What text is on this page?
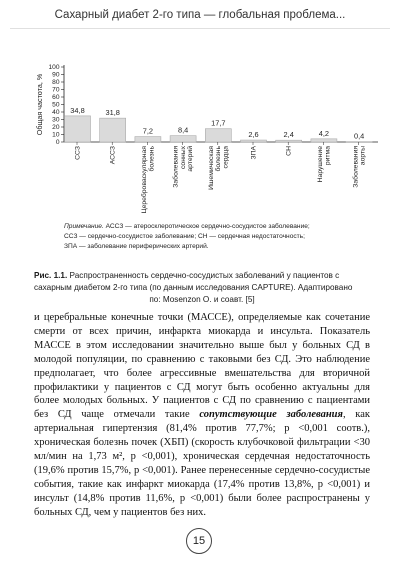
Сахарный диабет 2-го типа — глобальная проблема...
0
10
20
30
40
50
60
70
80
90
100
Общая частота, %	34,8
ССЗ
31,8
АССЗ
7,2
Цереброваскулярная болезнь
8,4
Заболевания сонных артерий
17,7
Ишемическая болезнь сердца
2,6
ЗПА
2,4
СН
4,2
Нарушение ритма
0,4
Заболевания аорты

Примечание. АССЗ — атеросклеротическое сердечно-сосудистое заболевание;

ССЗ — сердечно-сосудистое заболевание; СН — сердечная недостаточность;

ЗПА — заболевание периферических артерий.

Рис. 1.1. Распространенность сердечно-сосудистых заболеваний у пациентов с сахарным диабетом 2-го типа (по данным исследования CAPTURE). Адаптировано

по: Mosenzon O. и соавт. [5]

и церебральные конечные точки (МАССЕ), определяемые как сочетание смерти от всех причин, инфаркта миокарда и инсульта. Показатель МАССЕ в этом исследовании значительно выше был у больных СД в молодой популяции, по сравнению с таковыми без СД. Это наблюдение предполагает, что более агрессивные вмешательства для вторичной профилактики у пациентов с СД могут быть особенно актуальны для более молодых больных. У пациентов с СД по сравнению с пациентами без СД чаще отмечали такие сопутствующие заболевания, как артериальная гипертензия (81,4% против 77,7%; p <0,001 соотв.), хроническая болезнь почек (ХБП) (скорость клубочковой фильтрации <30 мл/мин на 1,73 м², p <0,001), хроническая сердечная недостаточность (19,6% против 15,7%, p <0,001). Ранее перенесенные сердечно-сосудистые события, такие как инфаркт миокарда (17,4% против 13,8%, p <0,001) и инсульт (14,8% против 11,6%, p <0,001) были более распространены у больных СД, чем у пациентов без них.

15
